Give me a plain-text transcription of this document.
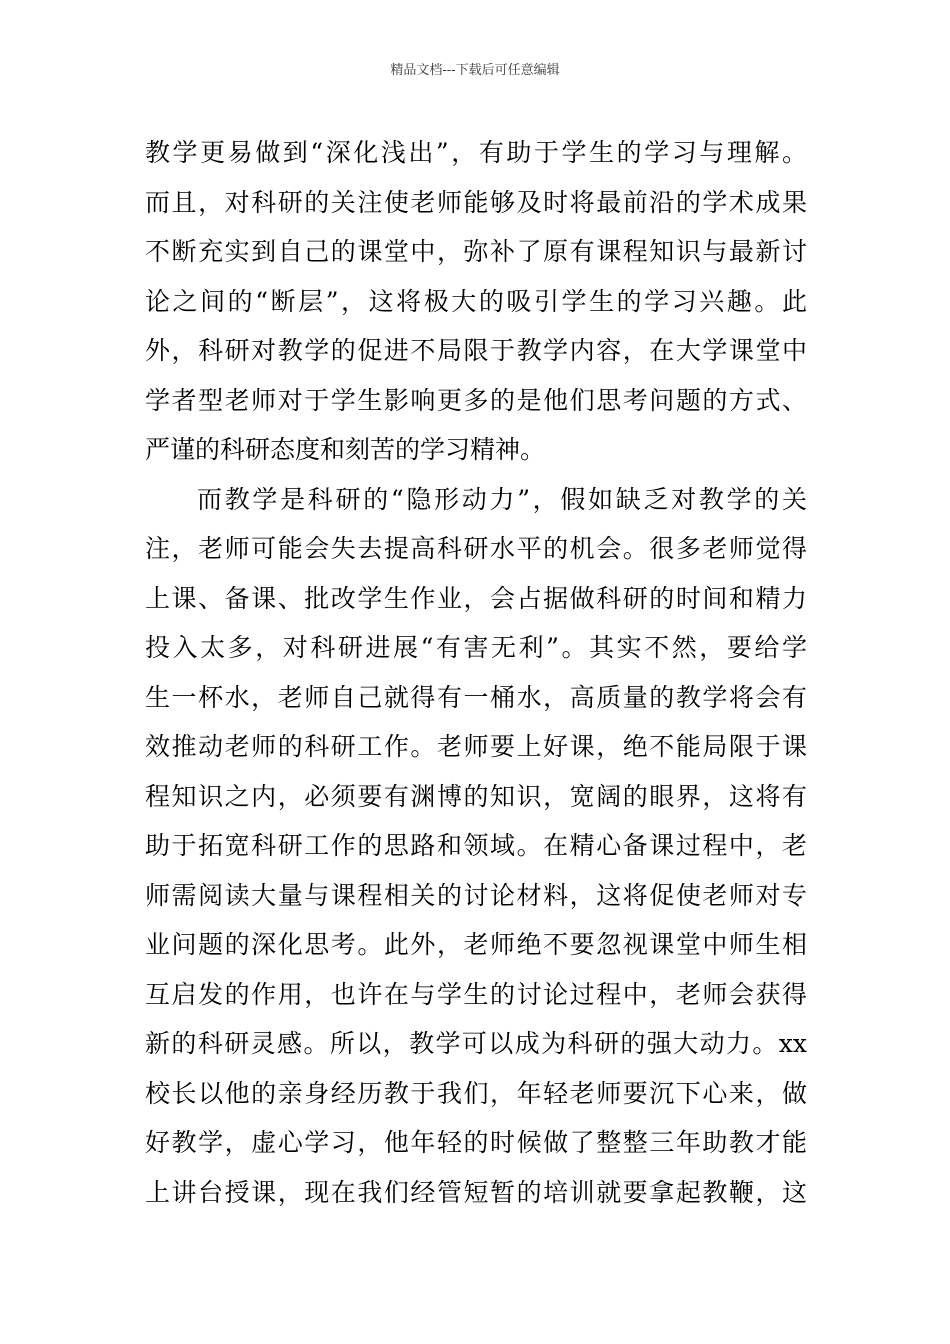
精品文档---下载后可任意编辑
教学更易做到“深化浅出”，有助于学生的学习与理解。
而且，对科研的关注使老师能够及时将最前沿的学术成果
不断充实到自己的课堂中，弥补了原有课程知识与最新讨
论之间的“断层”，这将极大的吸引学生的学习兴趣。此
外，科研对教学的促进不局限于教学内容，在大学课堂中
学者型老师对于学生影响更多的是他们思考问题的方式、
严谨的科研态度和刻苦的学习精神。
而教学是科研的“隐形动力”，假如缺乏对教学的关
注，老师可能会失去提高科研水平的机会。很多老师觉得
上课、备课、批改学生作业，会占据做科研的时间和精力
投入太多，对科研进展“有害无利”。其实不然，要给学
生一杯水，老师自己就得有一桶水，高质量的教学将会有
效推动老师的科研工作。老师要上好课，绝不能局限于课
程知识之内，必须要有渊博的知识，宽阔的眼界，这将有
助于拓宽科研工作的思路和领域。在精心备课过程中，老
师需阅读大量与课程相关的讨论材料，这将促使老师对专
业问题的深化思考。此外，老师绝不要忽视课堂中师生相
互启发的作用，也许在与学生的讨论过程中，老师会获得
新的科研灵感。所以，教学可以成为科研的强大动力。xx
校长以他的亲身经历教于我们，年轻老师要沉下心来，做
好教学，虚心学习，他年轻的时候做了整整三年助教才能
上讲台授课，现在我们经管短暂的培训就要拿起教鞭，这
